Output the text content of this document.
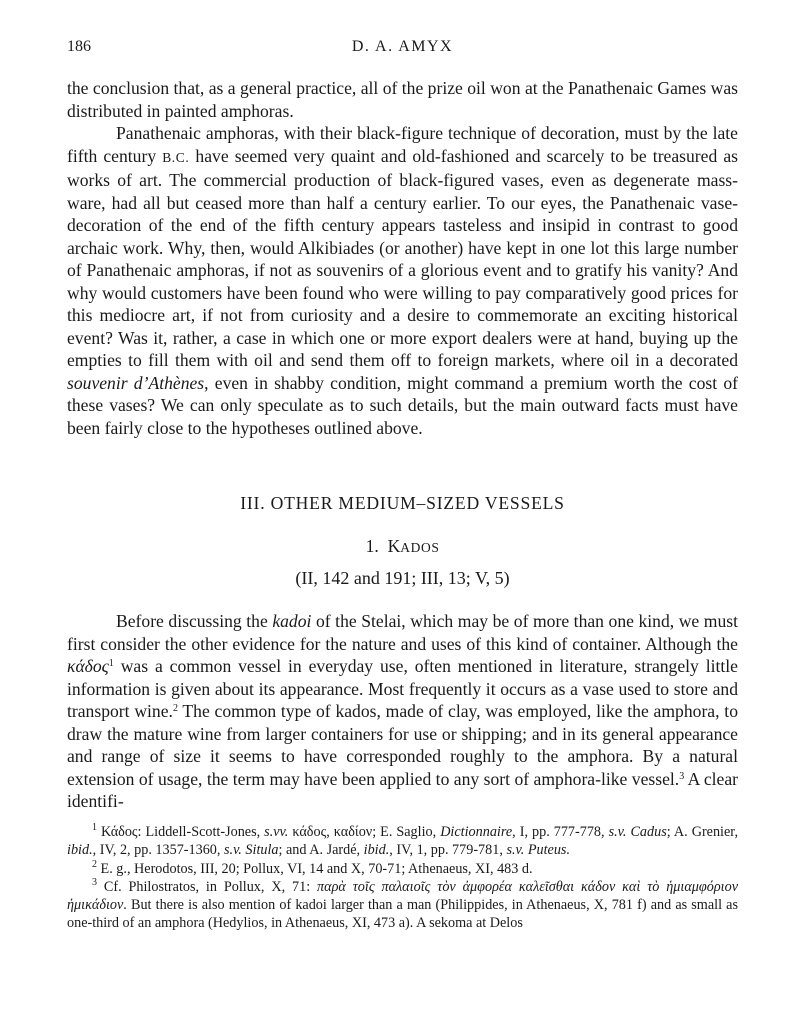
186	D. A. AMYX

the conclusion that, as a general practice, all of the prize oil won at the Panathenaic Games was distributed in painted amphoras.

Panathenaic amphoras, with their black-figure technique of decoration, must by the late fifth century B.C. have seemed very quaint and old-fashioned and scarcely to be treasured as works of art. The commercial production of black-figured vases, even as degenerate mass-ware, had all but ceased more than half a century earlier. To our eyes, the Panathenaic vase-decoration of the end of the fifth century appears tasteless and insipid in contrast to good archaic work. Why, then, would Alkibiades (or another) have kept in one lot this large number of Panathenaic amphoras, if not as souvenirs of a glorious event and to gratify his vanity? And why would customers have been found who were willing to pay comparatively good prices for this mediocre art, if not from curiosity and a desire to commemorate an exciting historical event? Was it, rather, a case in which one or more export dealers were at hand, buying up the empties to fill them with oil and send them off to foreign markets, where oil in a decorated souvenir d’Athènes, even in shabby condition, might command a premium worth the cost of these vases? We can only speculate as to such details, but the main outward facts must have been fairly close to the hypotheses outlined above.

III. OTHER MEDIUM–SIZED VESSELS
1. KADOS
(II, 142 and 191; III, 13; V, 5)

Before discussing the kadoi of the Stelai, which may be of more than one kind, we must first consider the other evidence for the nature and uses of this kind of container. Although the κάδος$^1$ was a common vessel in everyday use, often mentioned in literature, strangely little information is given about its appearance. Most frequently it occurs as a vase used to store and transport wine.$^2$ The common type of kados, made of clay, was employed, like the amphora, to draw the mature wine from larger containers for use or shipping; and in its general appearance and range of size it seems to have corresponded roughly to the amphora. By a natural extension of usage, the term may have been applied to any sort of amphora-like vessel.$^3$ A clear identifi-

$^1$ Κάδος: Liddell-Scott-Jones, s.vv. κάδος, καδίον; E. Saglio, Dictionnaire, I, pp. 777-778, s.v. Cadus; A. Grenier, ibid., IV, 2, pp. 1357-1360, s.v. Situla; and A. Jardé, ibid., IV, 1, pp. 779-781, s.v. Puteus.

$^2$ E. g., Herodotos, III, 20; Pollux, VI, 14 and X, 70-71; Athenaeus, XI, 483 d.

$^3$ Cf. Philostratos, in Pollux, X, 71: παρὰ τοῖς παλαιοῖς τὸν ἀμφορέα καλεῖσθαι κάδον καὶ τὸ ἡμιαμφόριον ἡμικάδιον. But there is also mention of kadoi larger than a man (Philippides, in Athenaeus, X, 781 f) and as small as one-third of an amphora (Hedylios, in Athenaeus, XI, 473 a). A sekoma at Delos
